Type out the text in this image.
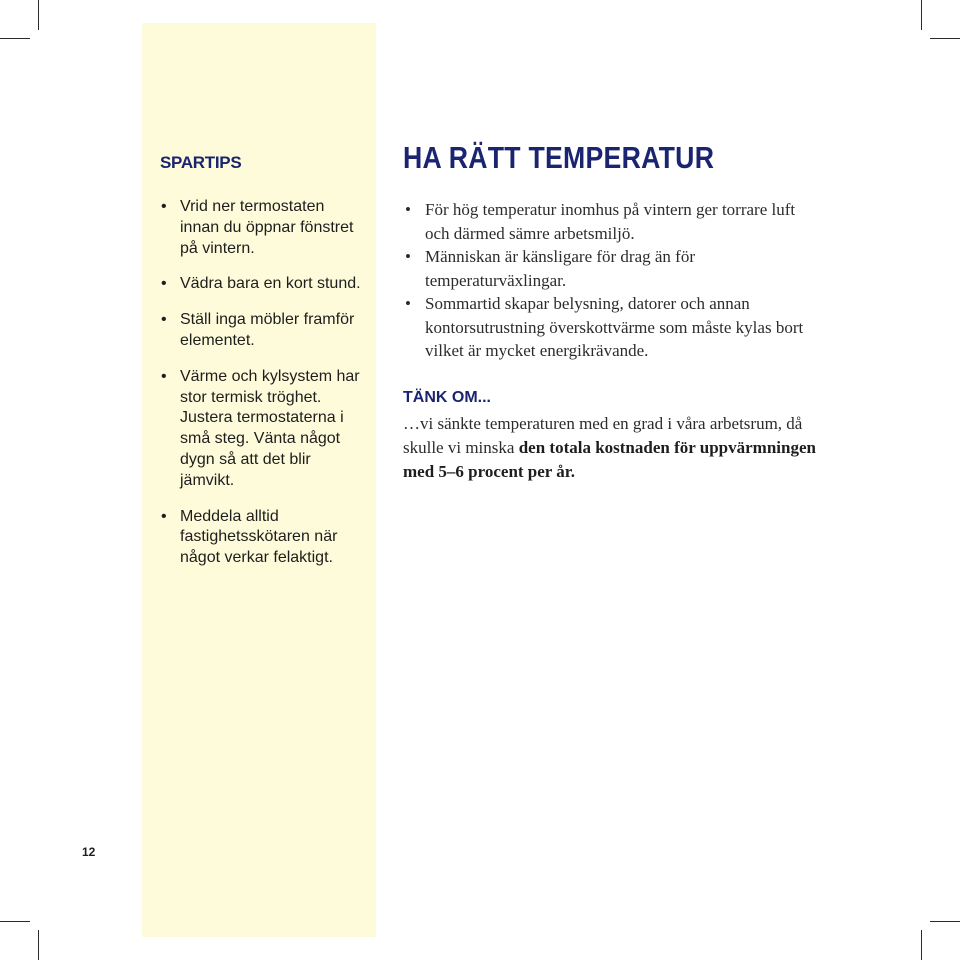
SPARTIPS
• Vrid ner termostaten innan du öppnar fönstret på vintern.
• Vädra bara en kort stund.
• Ställ inga möbler framför elementet.
• Värme och kylsystem har stor termisk tröghet. Justera termostaterna i små steg. Vänta något dygn så att det blir jämvikt.
• Meddela alltid fastighetsskötaren när något verkar felaktigt.
HA RÄTT TEMPERATUR
• För hög temperatur inomhus på vintern ger torrare luft och därmed sämre arbetsmiljö.
• Människan är känsligare för drag än för temperaturväxlingar.
• Sommartid skapar belysning, datorer och annan kontorsutrustning överskottvärme som måste kylas bort vilket är mycket energikrävande.
TÄNK OM...

…vi sänkte temperaturen med en grad i våra arbetsrum, då skulle vi minska den totala kostnaden för uppvärmningen med 5–6 procent per år.

12
